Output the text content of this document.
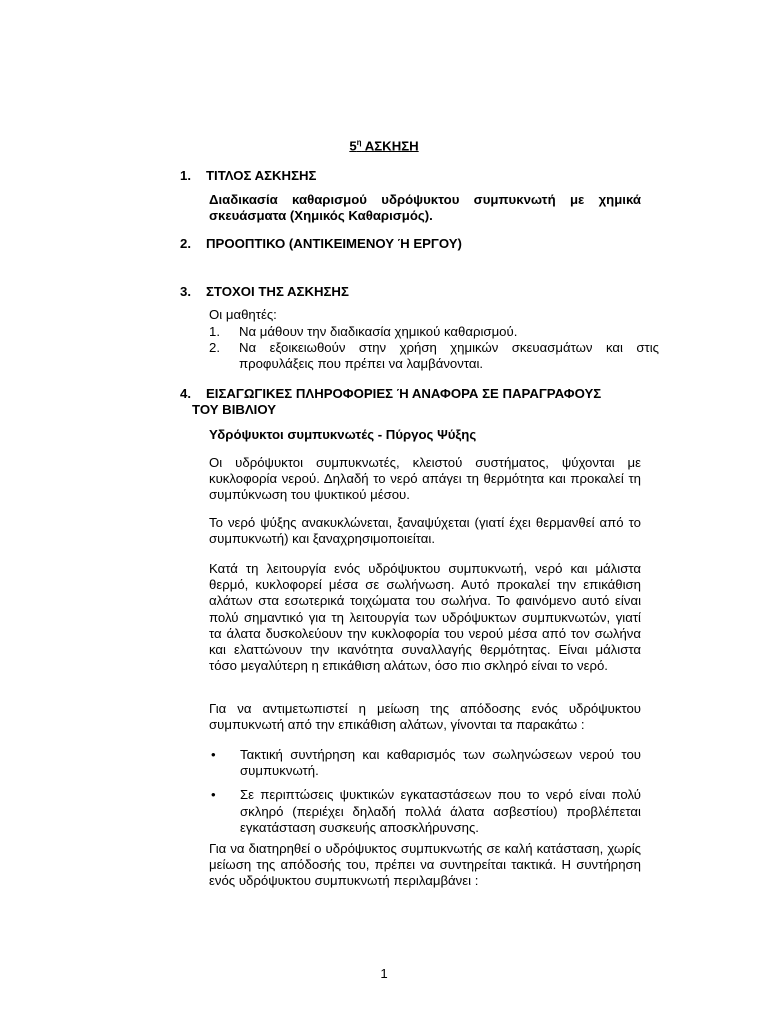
$5^\eta$ ΑΣΚΗΣΗ
1. ΤΙΤΛΟΣ ΑΣΚΗΣΗΣ
Διαδικασία καθαρισμού υδρόψυκτου συμπυκνωτή με χημικά σκευάσματα (Χημικός Καθαρισμός).
2. ΠΡΟΟΠΤΙΚΟ (ΑΝΤΙΚΕΙΜΕΝΟΥ Ή ΕΡΓΟΥ)
3. ΣΤΟΧΟΙ ΤΗΣ ΑΣΚΗΣΗΣ
Οι μαθητές:
1.	Να μάθουν την διαδικασία χημικού καθαρισμού.
2.	Να εξοικειωθούν στην χρήση χημικών σκευασμάτων και στις προφυλάξεις που πρέπει να λαμβάνονται.
4. ΕΙΣΑΓΩΓΙΚΕΣ ΠΛΗΡΟΦΟΡΙΕΣ Ή ΑΝΑΦΟΡΑ ΣΕ ΠΑΡΑΓΡΑΦΟΥΣ
ΤΟΥ ΒΙΒΛΙΟΥ
Υδρόψυκτοι συμπυκνωτές - Πύργος Ψύξης
Οι υδρόψυκτοι συμπυκνωτές, κλειστού συστήματος, ψύχονται με κυκλοφορία νερού. Δηλαδή το νερό απάγει τη θερμότητα και προκαλεί τη συμπύκνωση του ψυκτικού μέσου.
Το νερό ψύξης ανακυκλώνεται, ξαναψύχεται (γιατί έχει θερμανθεί από το συμπυκνωτή) και ξαναχρησιμοποιείται.
Κατά τη λειτουργία ενός υδρόψυκτου συμπυκνωτή, νερό και μάλιστα θερμό, κυκλοφορεί μέσα σε σωλήνωση. Αυτό προκαλεί την επικάθιση αλάτων στα εσωτερικά τοιχώματα του σωλήνα. Το φαινόμενο αυτό είναι πολύ σημαντικό για τη λειτουργία των υδρόψυκτων συμπυκνωτών, γιατί τα άλατα δυσκολεύουν την κυκλοφορία του νερού μέσα από τον σωλήνα και ελαττώνουν την ικανότητα συναλλαγής θερμότητας. Είναι μάλιστα τόσο μεγαλύτερη η επικάθιση αλάτων, όσο πιο σκληρό είναι το νερό.
Για να αντιμετωπιστεί η μείωση της απόδοσης ενός υδρόψυκτου συμπυκνωτή από την επικάθιση αλάτων, γίνονται τα παρακάτω :
•	Τακτική συντήρηση και καθαρισμός των σωληνώσεων νερού του συμπυκνωτή.
•	Σε περιπτώσεις ψυκτικών εγκαταστάσεων που το νερό είναι πολύ σκληρό (περιέχει δηλαδή πολλά άλατα ασβεστίου) προβλέπεται εγκατάσταση συσκευής αποσκλήρυνσης.
Για να διατηρηθεί ο υδρόψυκτος συμπυκνωτής σε καλή κατάσταση, χωρίς μείωση της απόδοσής του, πρέπει να συντηρείται τακτικά. Η συντήρηση ενός υδρόψυκτου συμπυκνωτή περιλαμβάνει :
1
